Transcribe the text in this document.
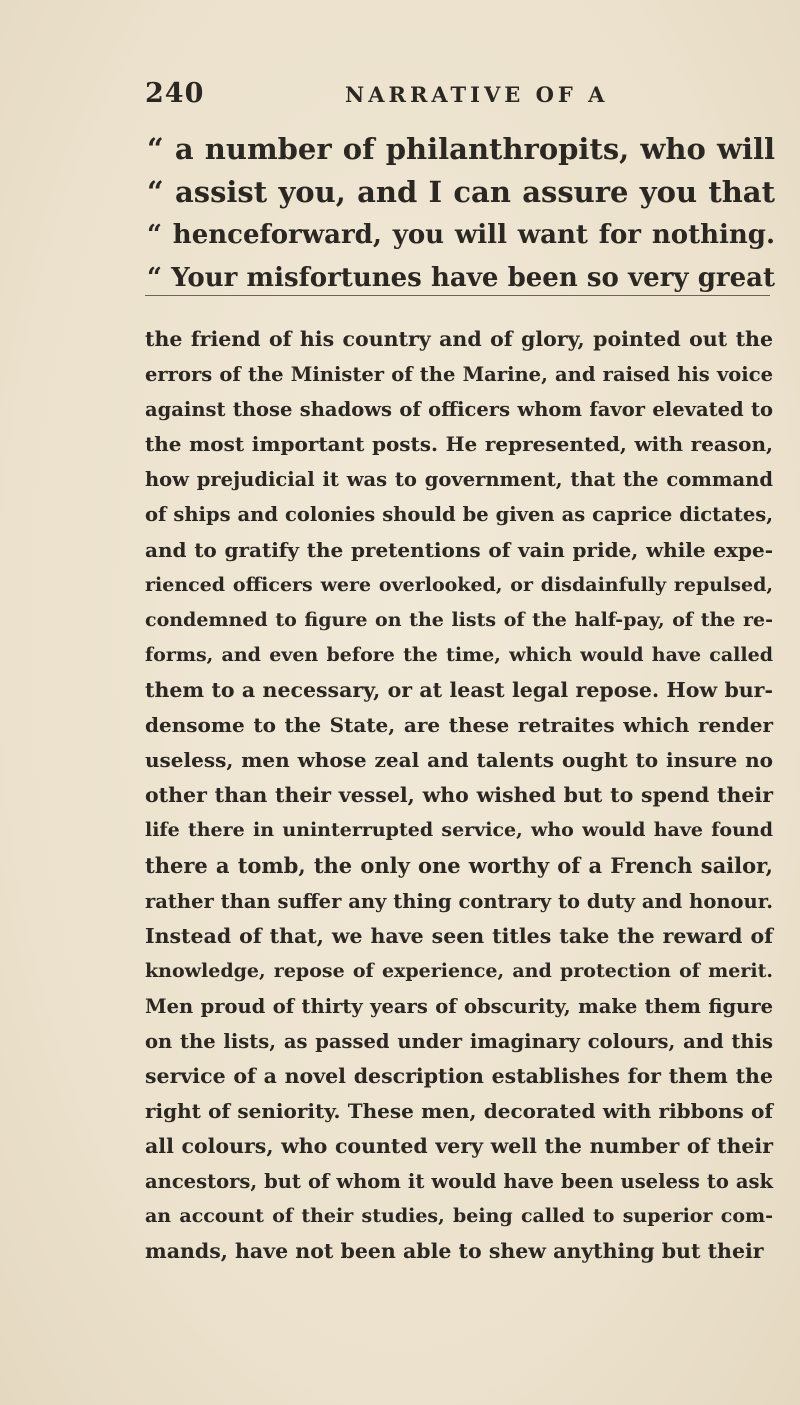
240	NARRATIVE OF A
“ a number of philanthropits, who will
“ assist you, and I can assure you that
“ henceforward, you will want for nothing.
“ Your misfortunes have been so very great
the friend of his country and of glory, pointed out the
errors of the Minister of the Marine, and raised his voice
against those shadows of officers whom favor elevated to
the most important posts. He represented, with reason,
how prejudicial it was to government, that the command
of ships and colonies should be given as caprice dictates,
and to gratify the pretentions of vain pride, while expe-
rienced officers were overlooked, or disdainfully repulsed,
condemned to figure on the lists of the half-pay, of the re-
forms, and even before the time, which would have called
them to a necessary, or at least legal repose. How bur-
densome to the State, are these retraites which render
useless, men whose zeal and talents ought to insure no
other than their vessel, who wished but to spend their
life there in uninterrupted service, who would have found
there a tomb, the only one worthy of a French sailor,
rather than suffer any thing contrary to duty and honour.
Instead of that, we have seen titles take the reward of
knowledge, repose of experience, and protection of merit.
Men proud of thirty years of obscurity, make them figure
on the lists, as passed under imaginary colours, and this
service of a novel description establishes for them the
right of seniority. These men, decorated with ribbons of
all colours, who counted very well the number of their
ancestors, but of whom it would have been useless to ask
an account of their studies, being called to superior com-
mands, have not been able to shew anything but their
